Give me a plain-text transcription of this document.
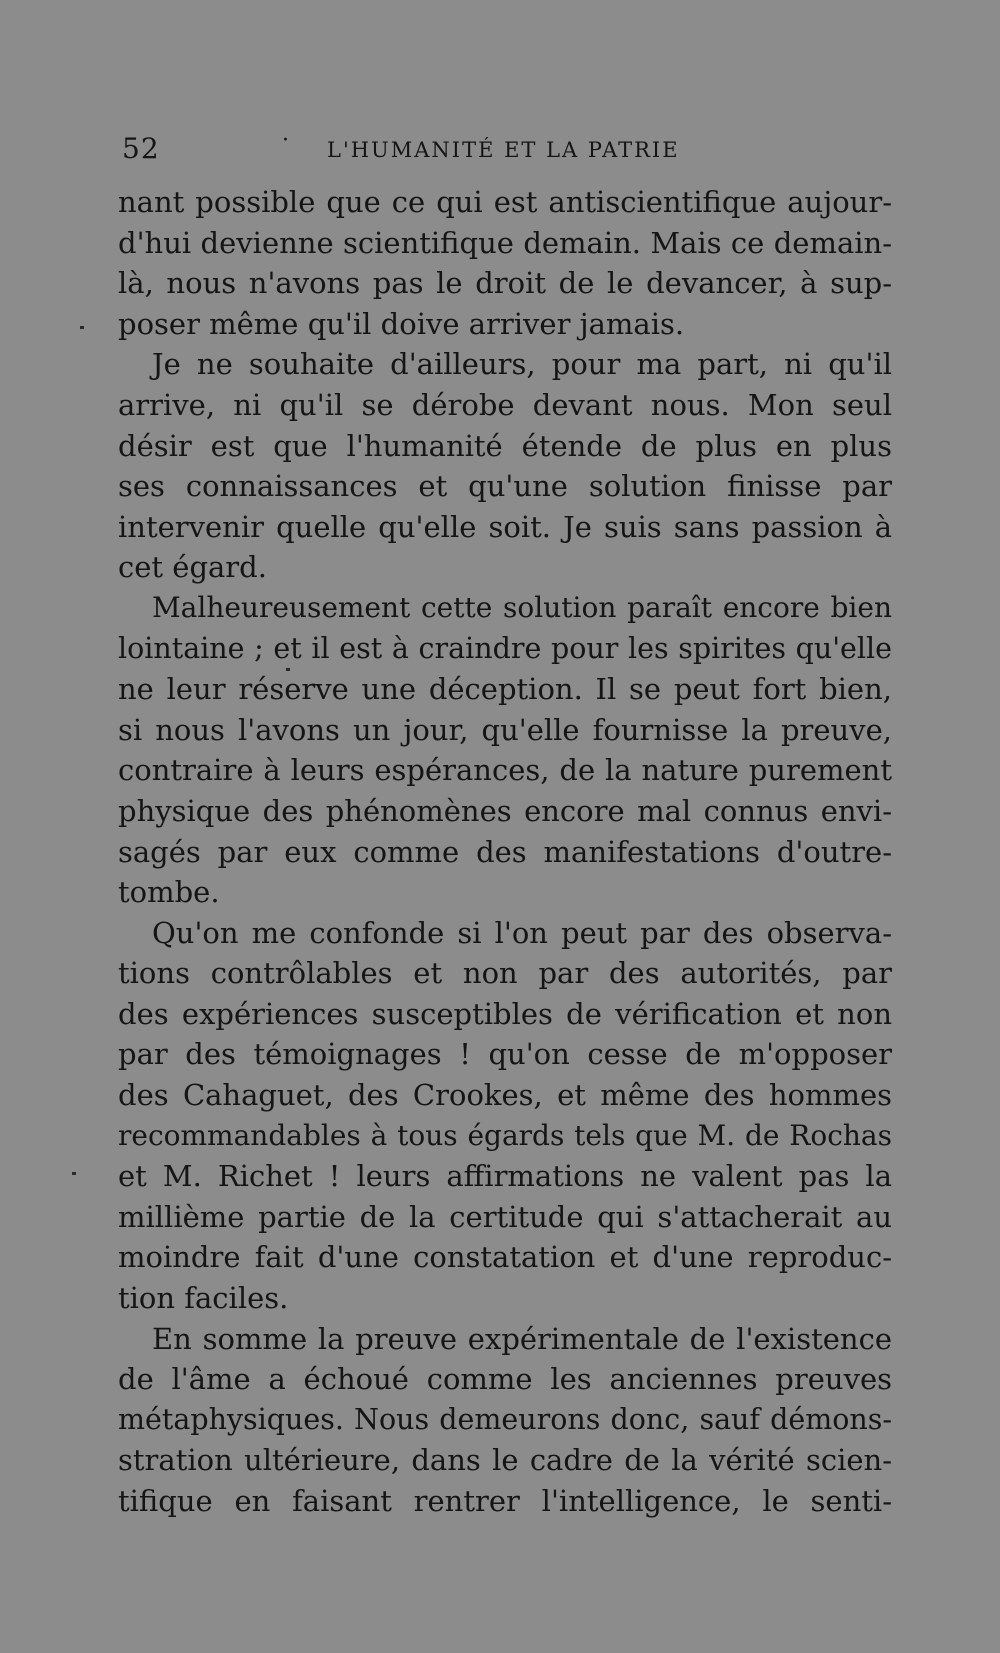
52	· L'HUMANITÉ ET LA PATRIE
nant possible que ce qui est antiscientifique aujour-
d'hui devienne scientifique demain. Mais ce demain-
là, nous n'avons pas le droit de le devancer, à sup-
poser même qu'il doive arriver jamais.
Je ne souhaite d'ailleurs, pour ma part, ni qu'il
arrive, ni qu'il se dérobe devant nous. Mon seul
désir est que l'humanité étende de plus en plus
ses connaissances et qu'une solution finisse par
intervenir quelle qu'elle soit. Je suis sans passion à
cet égard.
Malheureusement cette solution paraît encore bien
lointaine ; et il est à craindre pour les spirites qu'elle
ne leur réserve une déception. Il se peut fort bien,
si nous l'avons un jour, qu'elle fournisse la preuve,
contraire à leurs espérances, de la nature purement
physique des phénomènes encore mal connus envi-
sagés par eux comme des manifestations d'outre-
tombe.
Qu'on me confonde si l'on peut par des observa-
tions contrôlables et non par des autorités, par
des expériences susceptibles de vérification et non
par des témoignages ! qu'on cesse de m'opposer
des Cahaguet, des Crookes, et même des hommes
recommandables à tous égards tels que M. de Rochas
et M. Richet ! leurs affirmations ne valent pas la
millième partie de la certitude qui s'attacherait au
moindre fait d'une constatation et d'une reproduc-
tion faciles.
En somme la preuve expérimentale de l'existence
de l'âme a échoué comme les anciennes preuves
métaphysiques. Nous demeurons donc, sauf démons-
stration ultérieure, dans le cadre de la vérité scien-
tifique en faisant rentrer l'intelligence, le senti-
